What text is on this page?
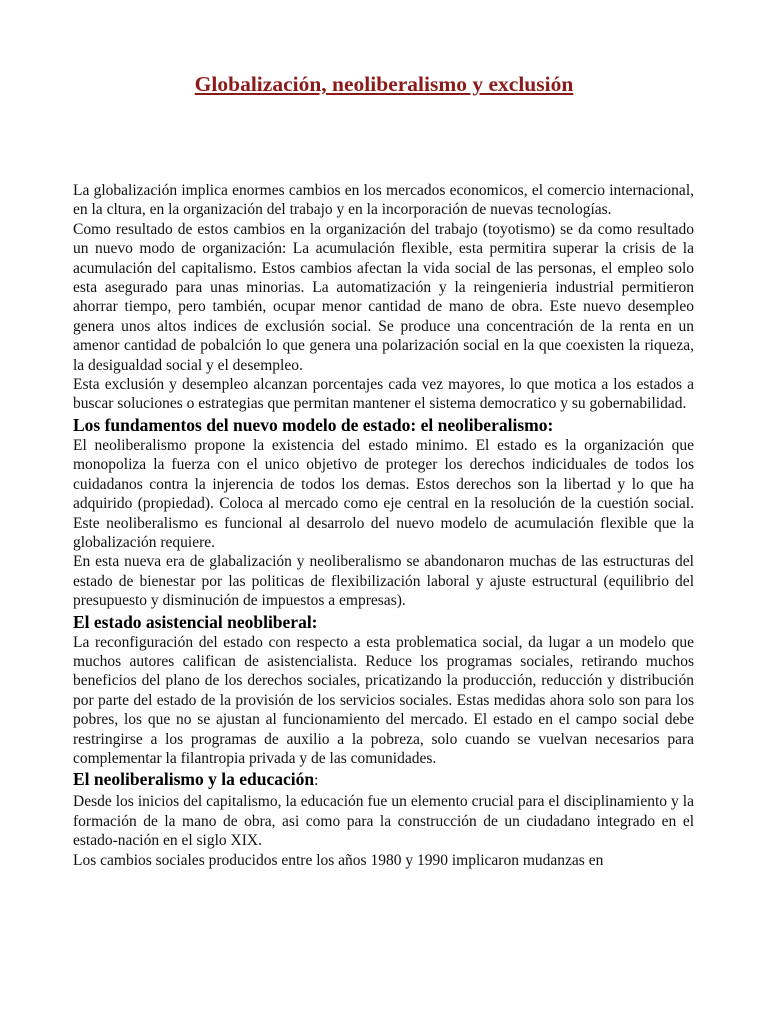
Globalización, neoliberalismo y exclusión

La globalización implica enormes cambios en los mercados economicos, el comercio internacional, en la cltura, en la organización del trabajo y en la incorporación de nuevas tecnologías.

Como resultado de estos cambios en la organización del trabajo (toyotismo) se da como resultado un nuevo modo de organización: La acumulación flexible, esta permitira superar la crisis de la acumulación del capitalismo. Estos cambios afectan la vida social de las personas, el empleo solo esta asegurado para unas minorias. La automatización y la reingenieria industrial permitieron ahorrar tiempo, pero también, ocupar menor cantidad de mano de obra. Este nuevo desempleo genera unos altos indices de exclusión social. Se produce una concentración de la renta en un amenor cantidad de pobalción lo que genera una polarización social en la que coexisten la riqueza, la desigualdad social y el desempleo.

Esta exclusión y desempleo alcanzan porcentajes cada vez mayores, lo que motica a los estados a buscar soluciones o estrategias que permitan mantener el sistema democratico y su gobernabilidad.

Los fundamentos del nuevo modelo de estado: el neoliberalismo:

El neoliberalismo propone la existencia del estado minimo. El estado es la organización que monopoliza la fuerza con el unico objetivo de proteger los derechos indiciduales de todos los cuidadanos contra la injerencia de todos los demas. Estos derechos son la libertad y lo que ha adquirido (propiedad). Coloca al mercado como eje central en la resolución de la cuestión social. Este neoliberalismo es funcional al desarrolo del nuevo modelo de acumulación flexible que la globalización requiere.

En esta nueva era de glabalización y neoliberalismo se abandonaron muchas de las estructuras del estado de bienestar por las politicas de flexibilización laboral y ajuste estructural (equilibrio del presupuesto y disminución de impuestos a empresas).

El estado asistencial neobliberal:

La reconfiguración del estado con respecto a esta problematica social, da lugar a un modelo que muchos autores califican de asistencialista. Reduce los programas sociales, retirando muchos beneficios del plano de los derechos sociales, pricatizando la producción, reducción y distribución por parte del estado de la provisión de los servicios sociales. Estas medidas ahora solo son para los pobres, los que no se ajustan al funcionamiento del mercado. El estado en el campo social debe restringirse a los programas de auxilio a la pobreza, solo cuando se vuelvan necesarios para complementar la filantropia privada y de las comunidades.

El neoliberalismo y la educación:

Desde los inicios del capitalismo, la educación fue un elemento crucial para el disciplinamiento y la formación de la mano de obra, asi como para la construcción de un ciudadano integrado en el estado-nación en el siglo XIX.

Los cambios sociales producidos entre los años 1980 y 1990 implicaron mudanzas en
